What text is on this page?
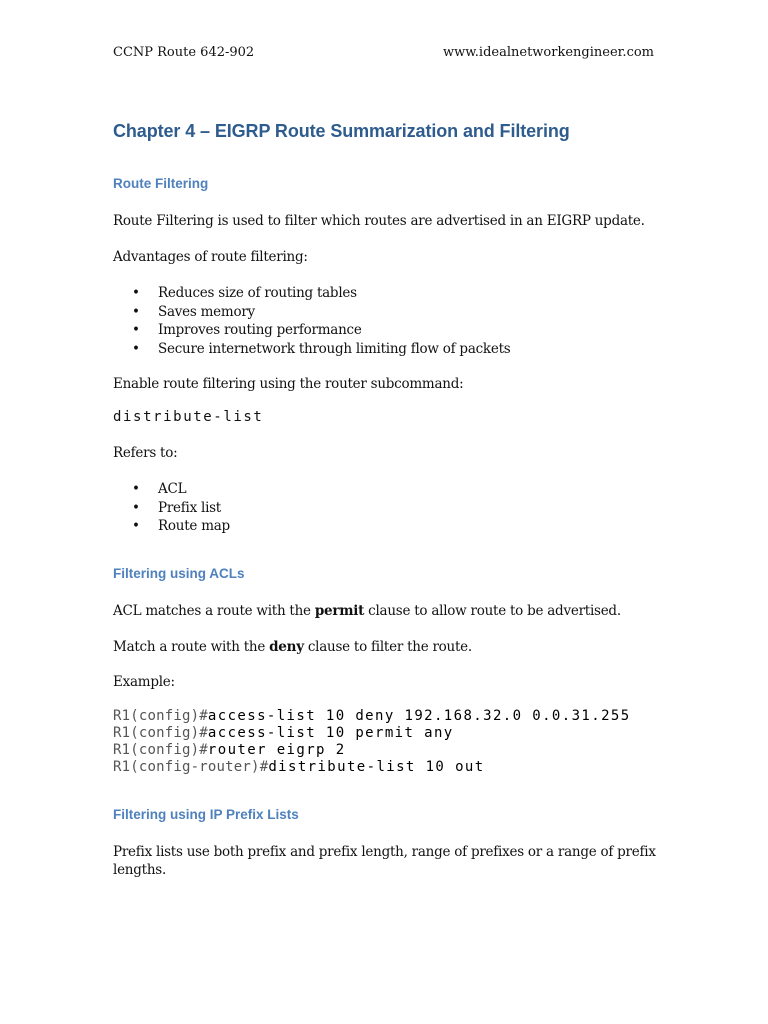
CCNP Route 642-902	www.idealnetworkengineer.com
Chapter 4 – EIGRP Route Summarization and Filtering
Route Filtering
Route Filtering is used to filter which routes are advertised in an EIGRP update.
Advantages of route filtering:
• Reduces size of routing tables
• Saves memory
• Improves routing performance
• Secure internetwork through limiting flow of packets
Enable route filtering using the router subcommand:
distribute-list
Refers to:
• ACL
• Prefix list
• Route map
Filtering using ACLs
ACL matches a route with the permit clause to allow route to be advertised.
Match a route with the deny clause to filter the route.
Example:
R1(config)#access-list 10 deny 192.168.32.0 0.0.31.255
R1(config)#access-list 10 permit any
R1(config)#router eigrp 2
R1(config-router)#distribute-list 10 out
Filtering using IP Prefix Lists
Prefix lists use both prefix and prefix length, range of prefixes or a range of prefix
lengths.
